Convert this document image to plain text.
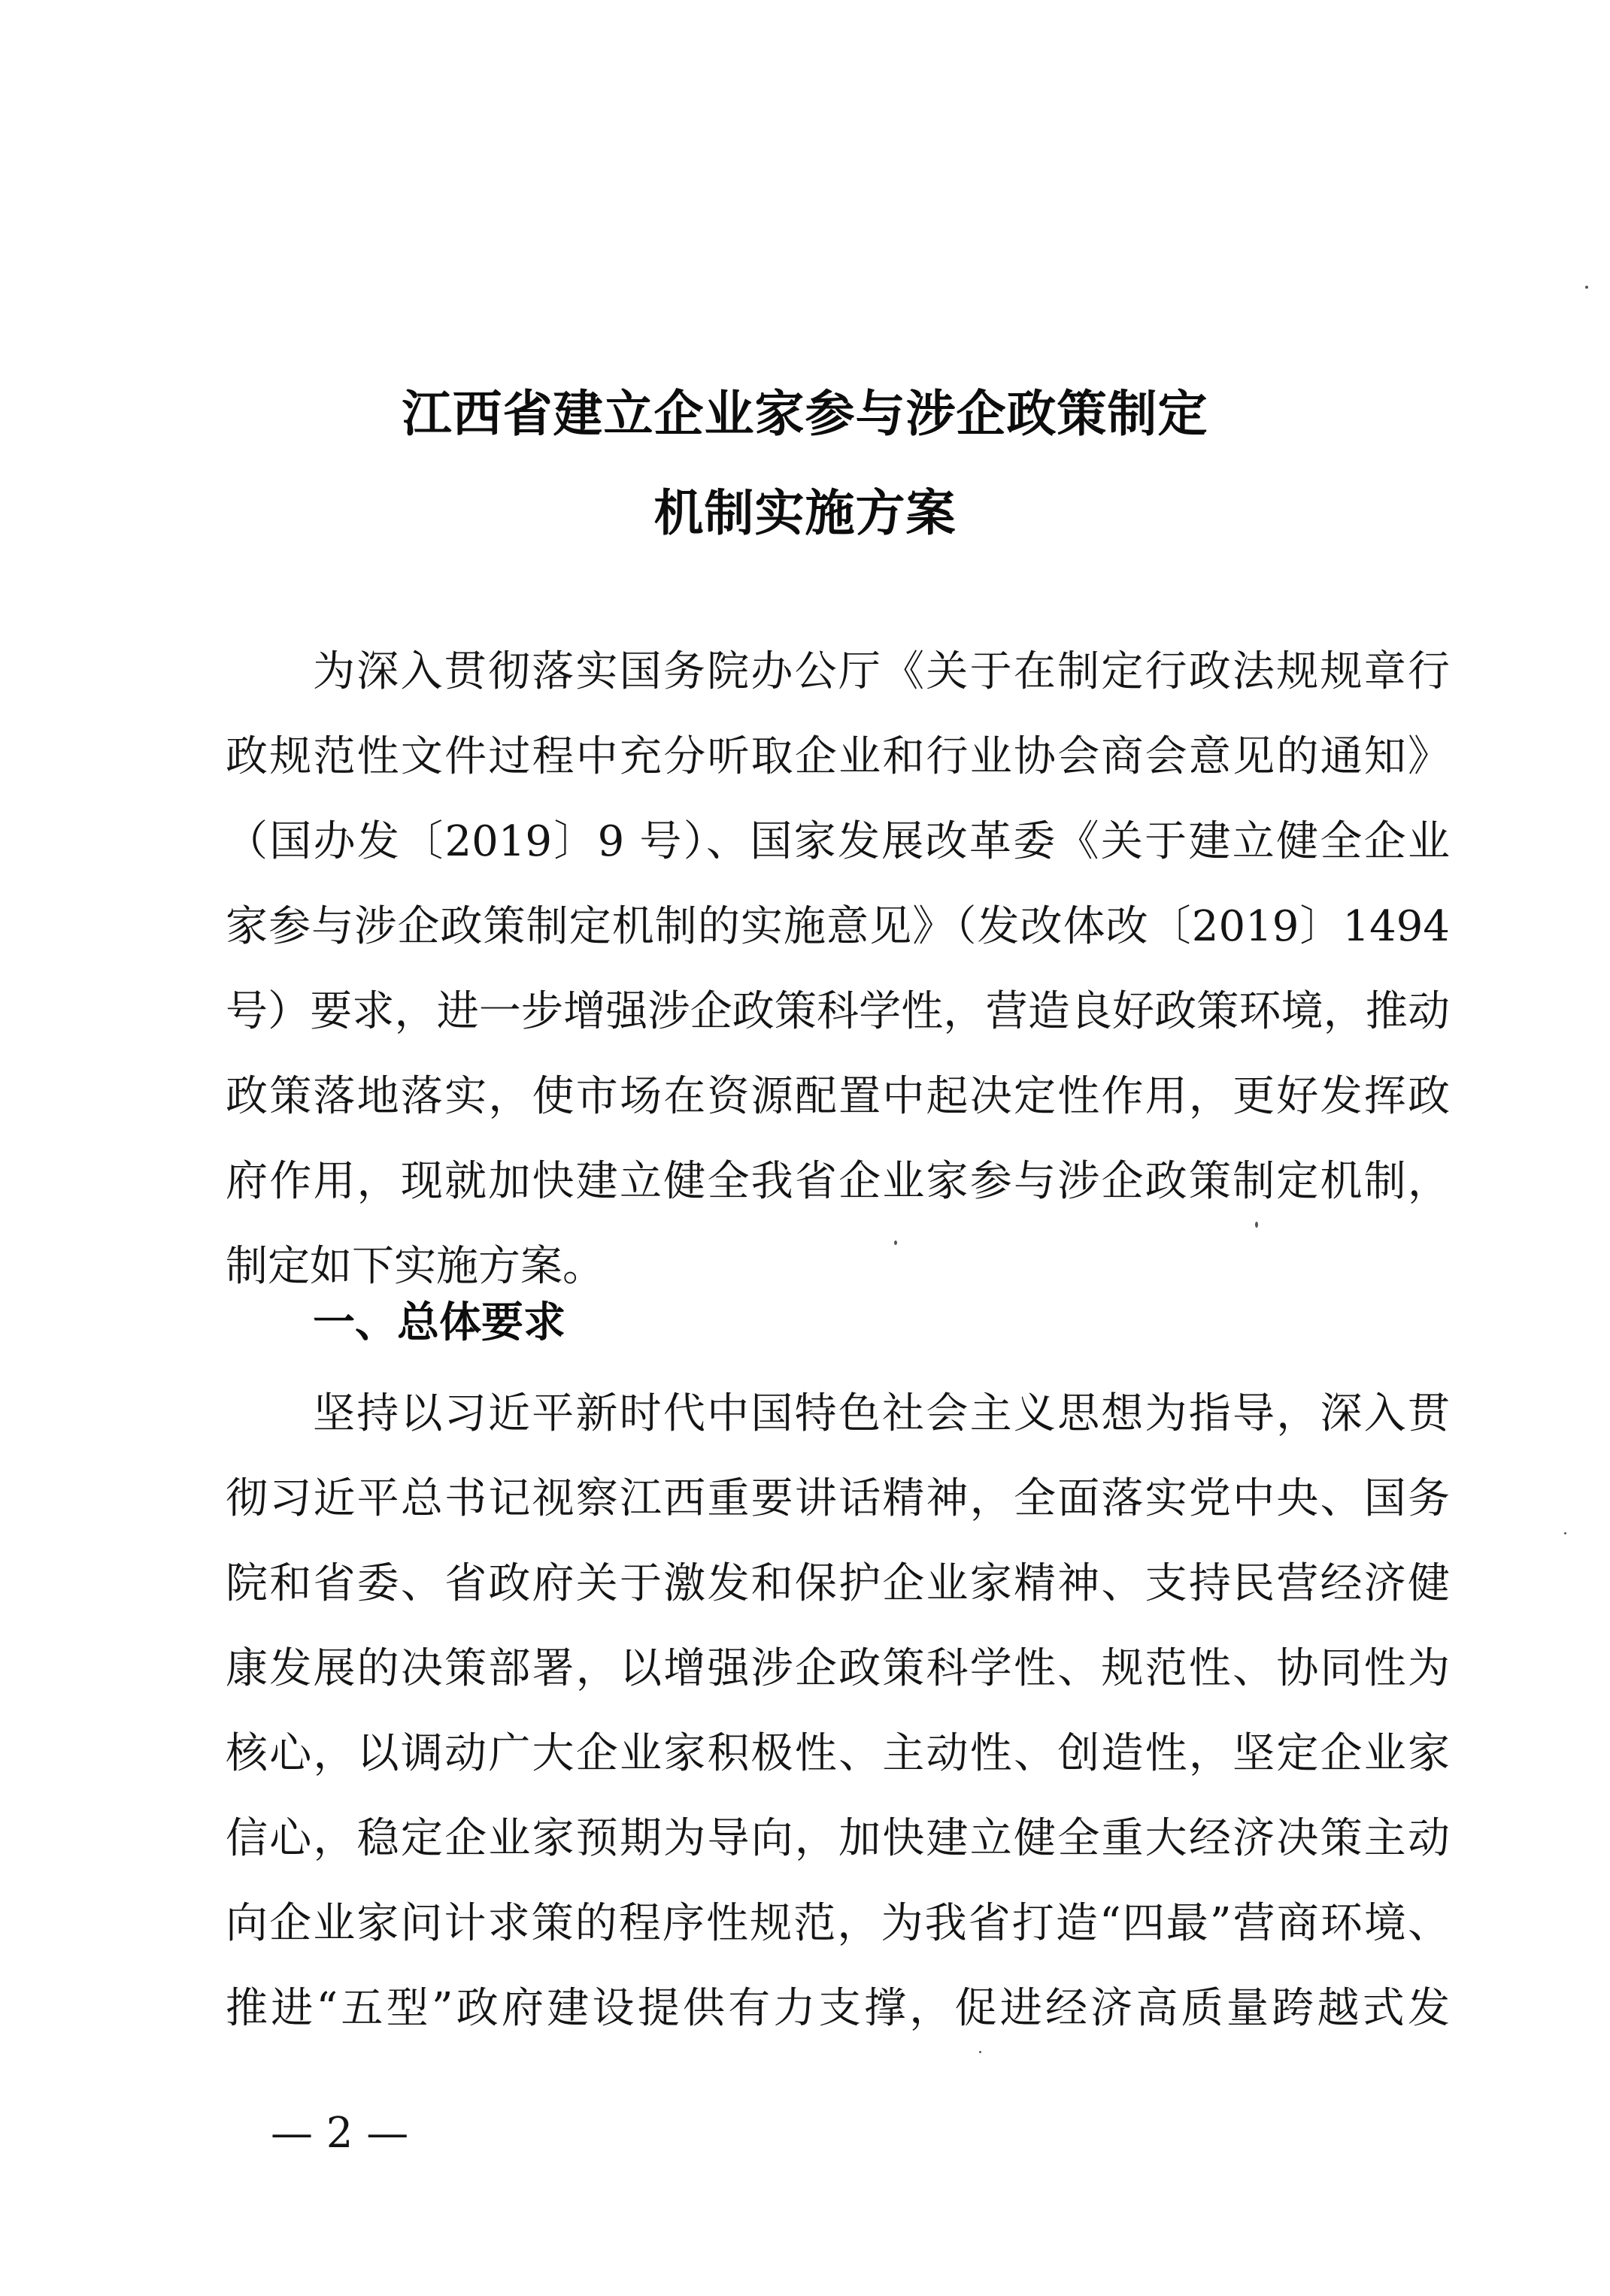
江西省建立企业家参与涉企政策制定
机制实施方案
为深入贯彻落实国务院办公厅《关于在制定行政法规规章行
政规范性文件过程中充分听取企业和行业协会商会意见的通知》
（国办发〔2019〕9 号）、国家发展改革委《关于建立健全企业
家参与涉企政策制定机制的实施意见》（发改体改〔2019〕1494
号）要求，进一步增强涉企政策科学性，营造良好政策环境，推动
政策落地落实，使市场在资源配置中起决定性作用，更好发挥政
府作用，现就加快建立健全我省企业家参与涉企政策制定机制，
制定如下实施方案。
一、总体要求
坚持以习近平新时代中国特色社会主义思想为指导，深入贯
彻习近平总书记视察江西重要讲话精神，全面落实党中央、国务
院和省委、省政府关于激发和保护企业家精神、支持民营经济健
康发展的决策部署，以增强涉企政策科学性、规范性、协同性为
核心，以调动广大企业家积极性、主动性、创造性，坚定企业家
信心，稳定企业家预期为导向，加快建立健全重大经济决策主动
向企业家问计求策的程序性规范，为我省打造“四最”营商环境、
推进“五型”政府建设提供有力支撑，促进经济高质量跨越式发
— 2 —
